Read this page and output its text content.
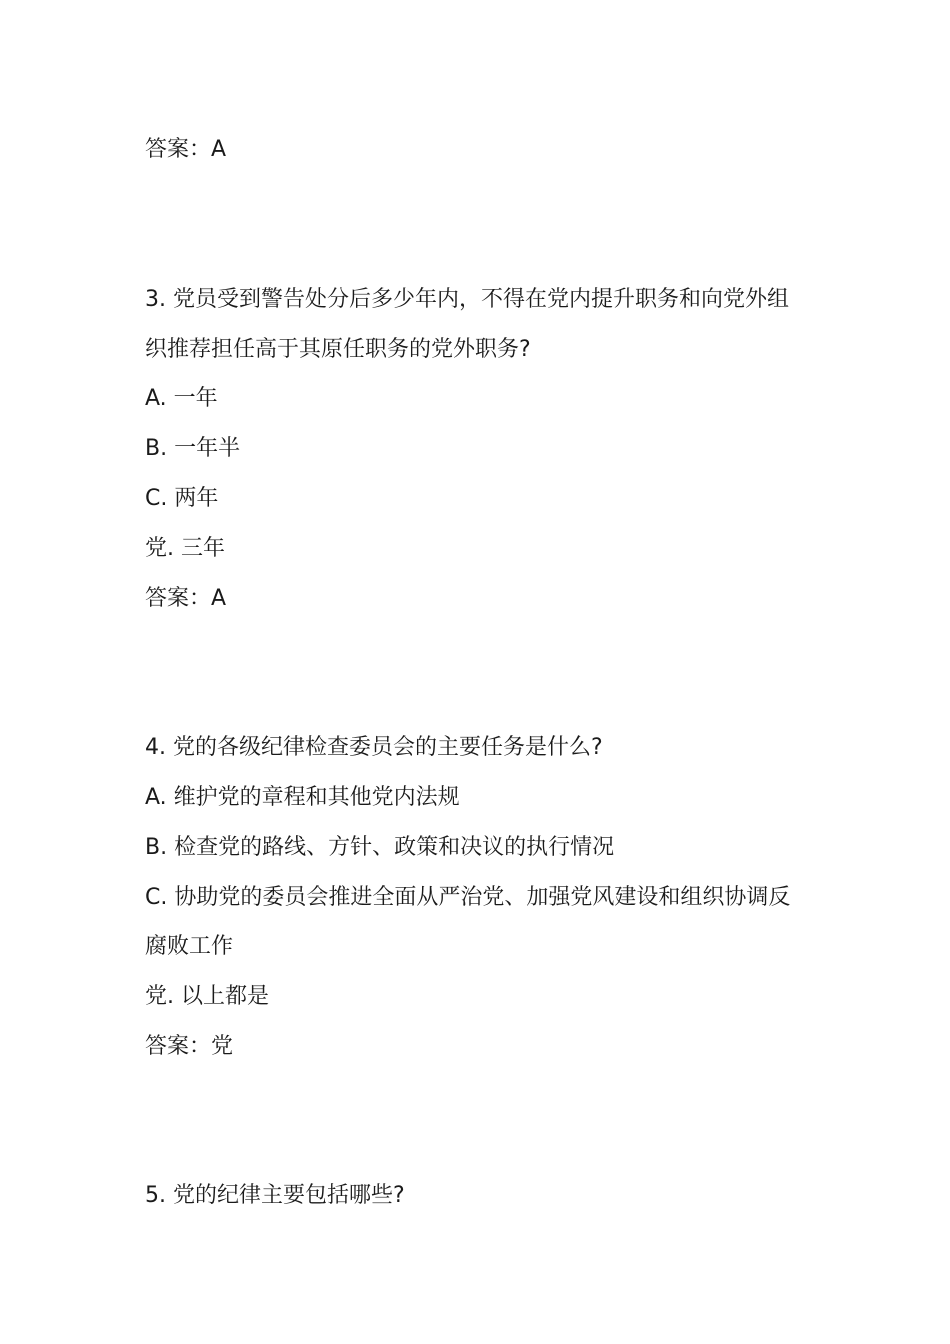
答案：A
3. 党员受到警告处分后多少年内，不得在党内提升职务和向党外组
织推荐担任高于其原任职务的党外职务?
A. 一年
B. 一年半
C. 两年
党. 三年
答案：A
4. 党的各级纪律检查委员会的主要任务是什么?
A. 维护党的章程和其他党内法规
B. 检查党的路线、方针、政策和决议的执行情况
C. 协助党的委员会推进全面从严治党、加强党风建设和组织协调反
腐败工作
党. 以上都是
答案：党
5. 党的纪律主要包括哪些?
